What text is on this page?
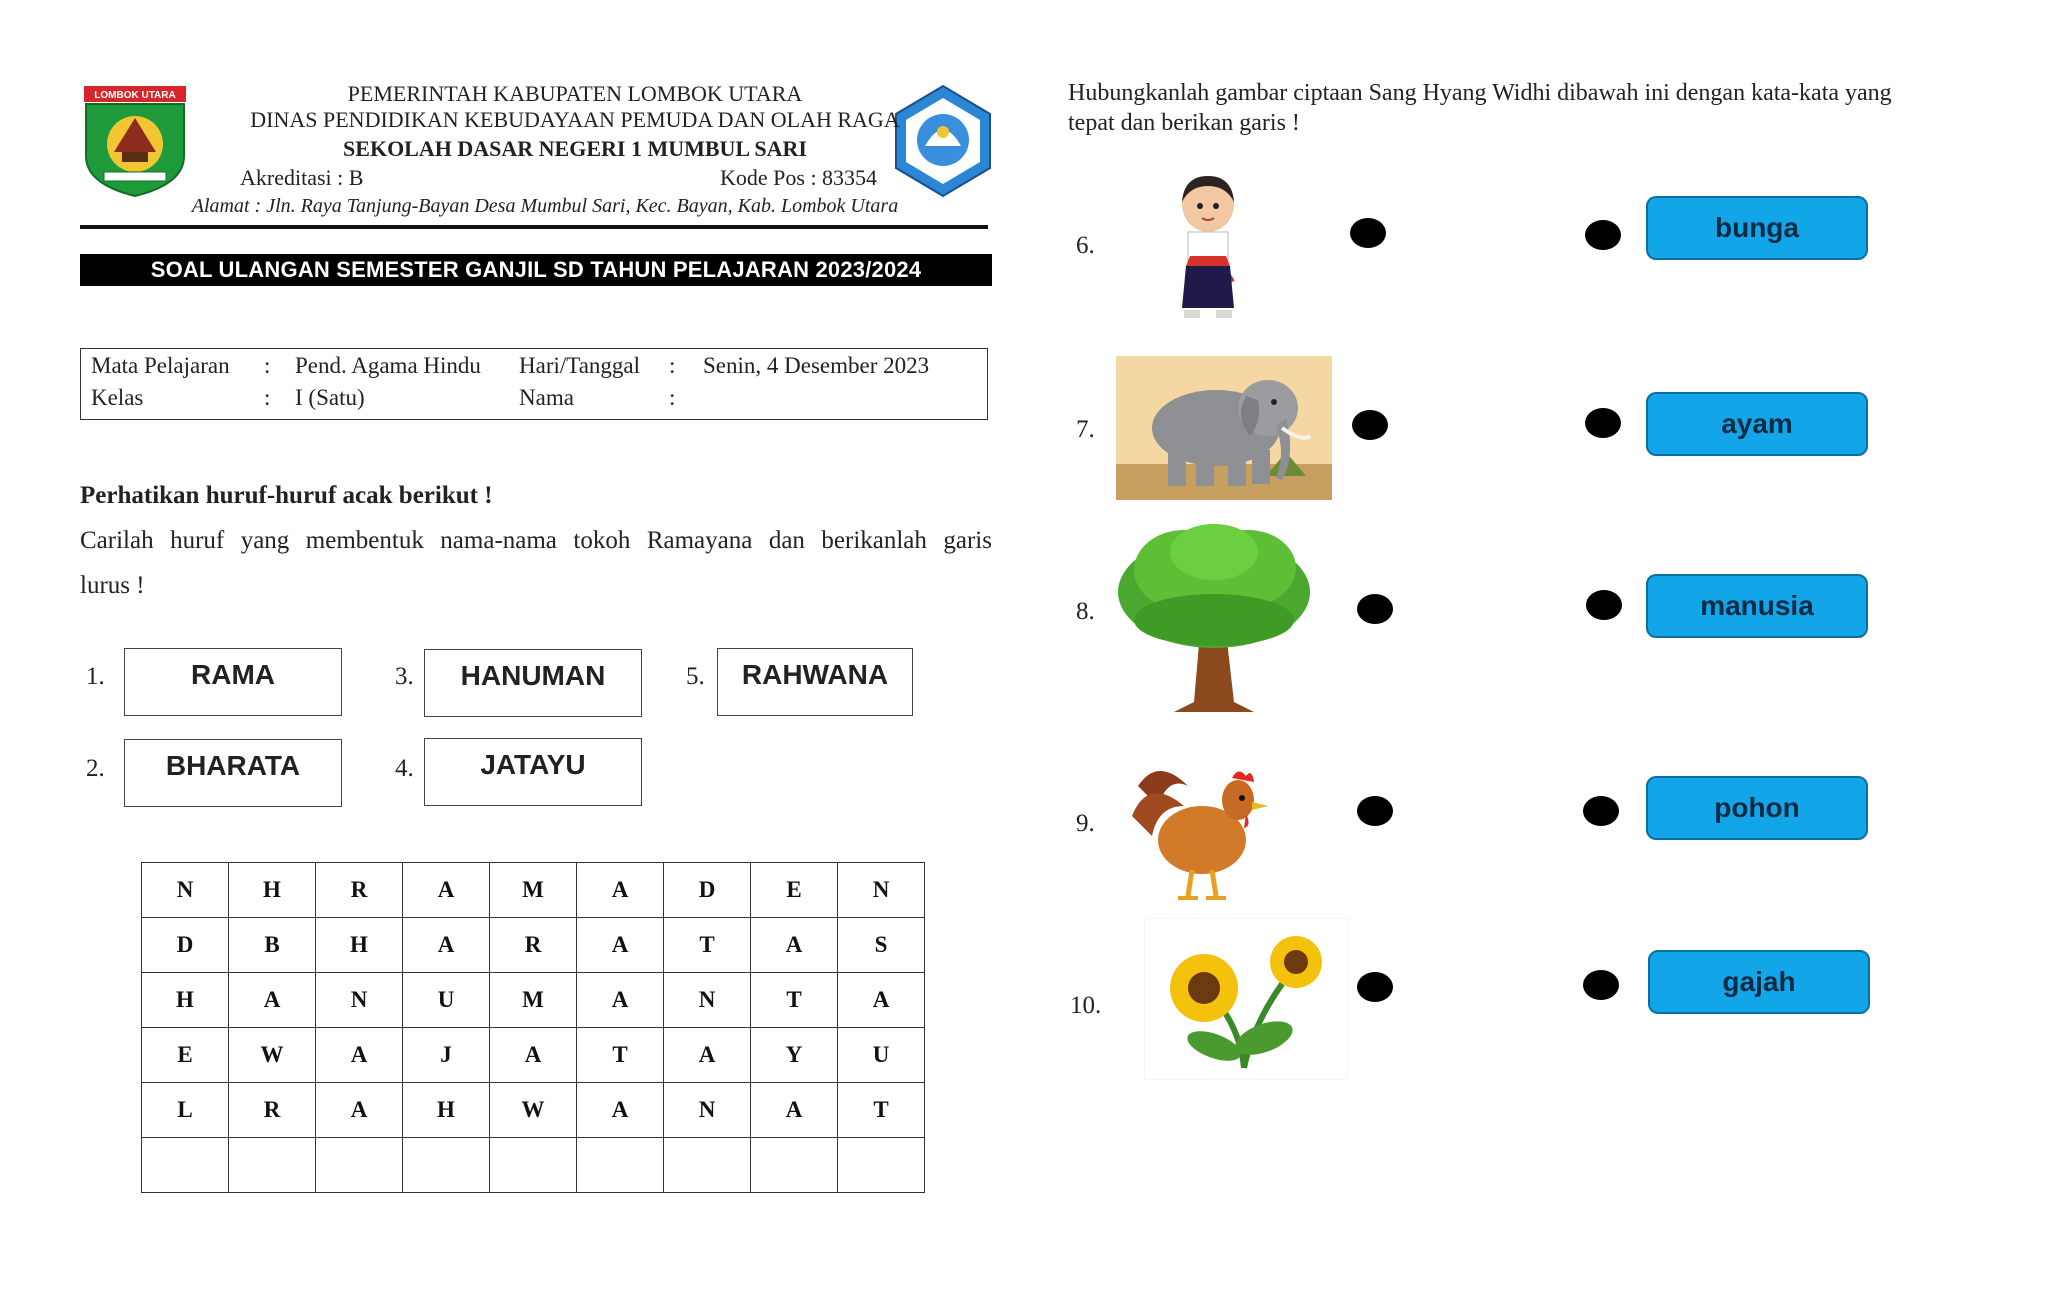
LOMBOK UTARA	PEMERINTAH KABUPATEN LOMBOK UTARA
DINAS PENDIDIKAN KEBUDAYAAN PEMUDA DAN OLAH RAGA
SEKOLAH DASAR NEGERI 1 MUMBUL SARI
Akreditasi : B	Kode Pos : 83354
Alamat : Jln. Raya Tanjung-Bayan Desa Mumbul Sari, Kec. Bayan, Kab. Lombok Utara
SOAL ULANGAN SEMESTER GANJIL SD TAHUN PELAJARAN 2023/2024
Mata Pelajaran : Pend. Agama Hindu Hari/Tanggal : Senin, 4 Desember 2023
Kelas	: I (Satu)	Nama	:
Perhatikan huruf-huruf acak berikut !
Carilah huruf yang membentuk nama-nama tokoh Ramayana dan berikanlah garis
lurus !
1.	RAMA
2.	BHARATA
3.	HANUMAN
4.	JATAYU
5.	RAHWANA
N	H	R	A	M	A	D	E	N
D	B	H	A	R	A	T	A	S
H	A	N	U	M	A	N	T	A
E	W	A	J	A	T	A	Y	U
L	R	A	H	W	A	N	A	T

Hubungkanlah gambar ciptaan Sang Hyang Widhi dibawah ini dengan kata-kata yang
tepat dan berikan garis !
6.
bunga
7.	ayam
8.	manusia
9.
pohon
10.
gajah
